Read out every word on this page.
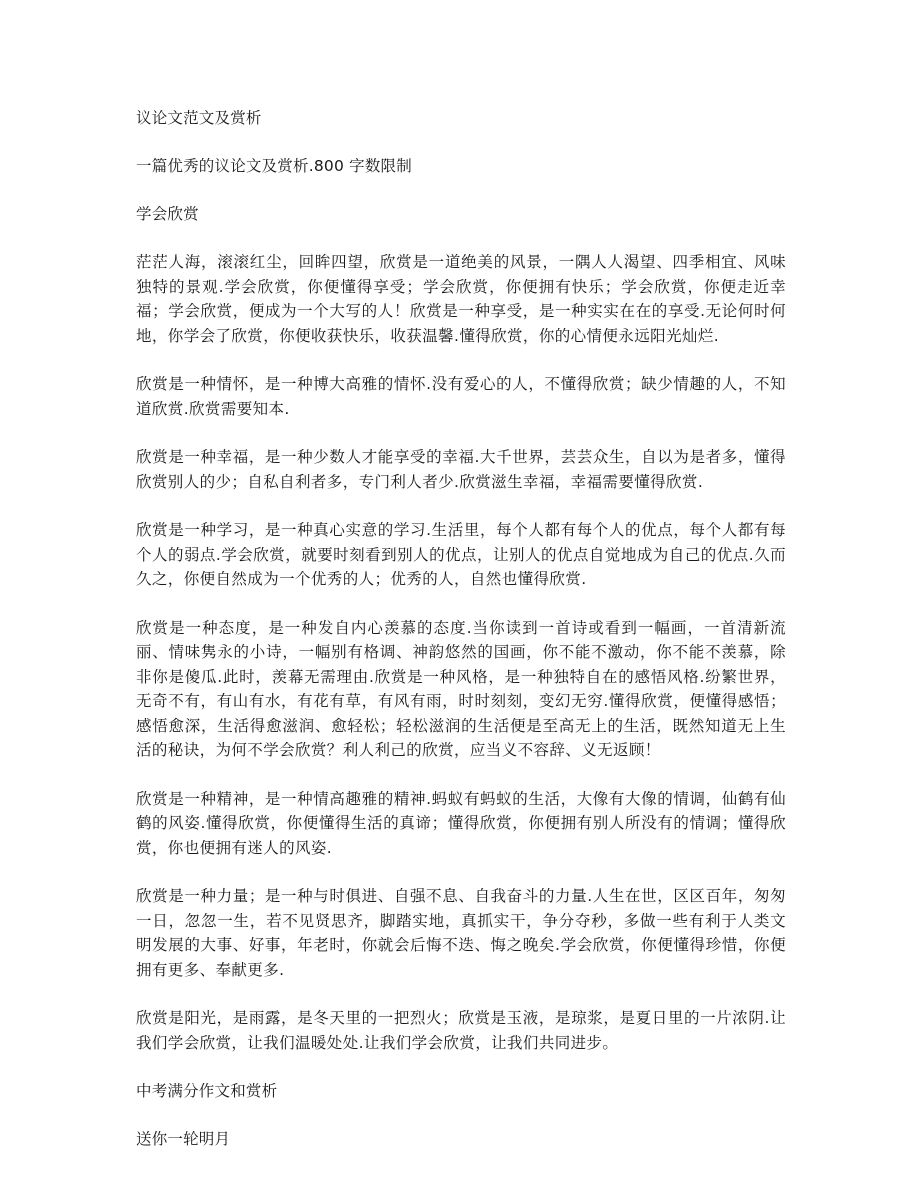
议论文范文及赏析

一篇优秀的议论文及赏析.800 字数限制

学会欣赏

茫茫人海，滚滚红尘，回眸四望，欣赏是一道绝美的风景，一隅人人渴望、四季相宜、风味独特的景观.学会欣赏，你便懂得享受；学会欣赏，你便拥有快乐；学会欣赏，你便走近幸福；学会欣赏，便成为一个大写的人！欣赏是一种享受，是一种实实在在的享受.无论何时何地，你学会了欣赏，你便收获快乐，收获温馨.懂得欣赏，你的心情便永远阳光灿烂.

欣赏是一种情怀，是一种博大高雅的情怀.没有爱心的人，不懂得欣赏；缺少情趣的人，不知道欣赏.欣赏需要知本.

欣赏是一种幸福，是一种少数人才能享受的幸福.大千世界，芸芸众生，自以为是者多，懂得欣赏别人的少；自私自利者多，专门利人者少.欣赏滋生幸福，幸福需要懂得欣赏.

欣赏是一种学习，是一种真心实意的学习.生活里，每个人都有每个人的优点，每个人都有每个人的弱点.学会欣赏，就要时刻看到别人的优点，让别人的优点自觉地成为自己的优点.久而久之，你便自然成为一个优秀的人；优秀的人，自然也懂得欣赏.

欣赏是一种态度，是一种发自内心羡慕的态度.当你读到一首诗或看到一幅画，一首清新流丽、情味隽永的小诗，一幅别有格调、神韵悠然的国画，你不能不激动，你不能不羡慕，除非你是傻瓜.此时，羡幕无需理由.欣赏是一种风格，是一种独特自在的感悟风格.纷繁世界，无奇不有，有山有水，有花有草，有风有雨，时时刻刻，变幻无穷.懂得欣赏，便懂得感悟；感悟愈深，生活得愈滋润、愈轻松；轻松滋润的生活便是至高无上的生活，既然知道无上生活的秘诀，为何不学会欣赏？利人利己的欣赏，应当义不容辞、义无返顾！

欣赏是一种精神，是一种情高趣雅的精神.蚂蚁有蚂蚁的生活，大像有大像的情调，仙鹤有仙鹤的风姿.懂得欣赏，你便懂得生活的真谛；懂得欣赏，你便拥有别人所没有的情调；懂得欣赏，你也便拥有迷人的风姿.

欣赏是一种力量；是一种与时俱进、自强不息、自我奋斗的力量.人生在世，区区百年，匆匆一日，忽忽一生，若不见贤思齐，脚踏实地，真抓实干，争分夺秒，多做一些有利于人类文明发展的大事、好事，年老时，你就会后悔不迭、悔之晚矣.学会欣赏，你便懂得珍惜，你便拥有更多、奉献更多.

欣赏是阳光，是雨露，是冬天里的一把烈火；欣赏是玉液，是琼浆，是夏日里的一片浓阴.让我们学会欣赏，让我们温暖处处.让我们学会欣赏，让我们共同进步。

中考满分作文和赏析

送你一轮明月
